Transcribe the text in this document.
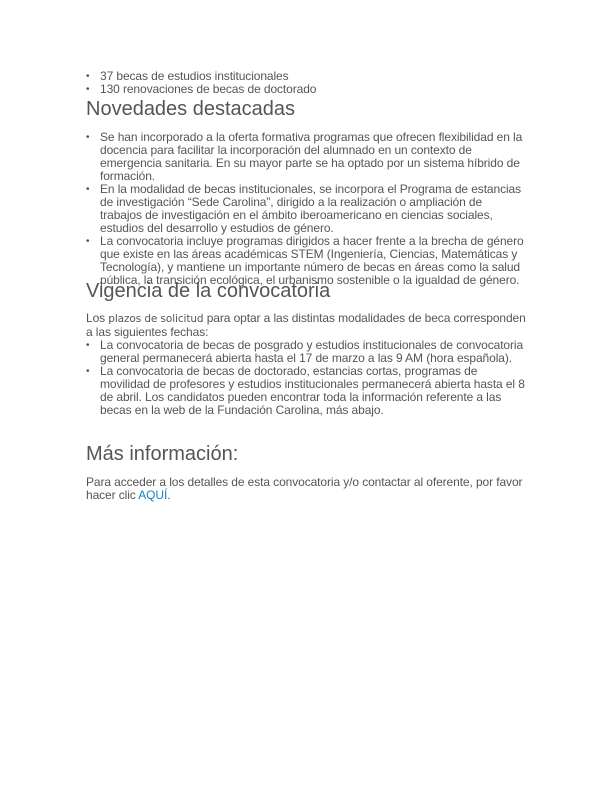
• 37 becas de estudios institucionales
• 130 renovaciones de becas de doctorado
Novedades destacadas
• Se han incorporado a la oferta formativa programas que ofrecen flexibilidad en la docencia para facilitar la incorporación del alumnado en un contexto de emergencia sanitaria. En su mayor parte se ha optado por un sistema híbrido de formación.
• En la modalidad de becas institucionales, se incorpora el Programa de estancias de investigación “Sede Carolina”, dirigido a la realización o ampliación de trabajos de investigación en el ámbito iberoamericano en ciencias sociales, estudios del desarrollo y estudios de género.
• La convocatoria incluye programas dirigidos a hacer frente a la brecha de género que existe en las áreas académicas STEM (Ingeniería, Ciencias, Matemáticas y Tecnología), y mantiene un importante número de becas en áreas como la salud pública, la transición ecológica, el urbanismo sostenible o la igualdad de género.
Vigencia de la convocatoria

Los plazos de solicitud para optar a las distintas modalidades de beca corresponden a las siguientes fechas:

• La convocatoria de becas de posgrado y estudios institucionales de convocatoria general permanecerá abierta hasta el 17 de marzo a las 9 AM (hora española).
• La convocatoria de becas de doctorado, estancias cortas, programas de movilidad de profesores y estudios institucionales permanecerá abierta hasta el 8 de abril. Los candidatos pueden encontrar toda la información referente a las becas en la web de la Fundación Carolina, más abajo.
Más información:

Para acceder a los detalles de esta convocatoria y/o contactar al oferente, por favor hacer clic AQUÍ.
